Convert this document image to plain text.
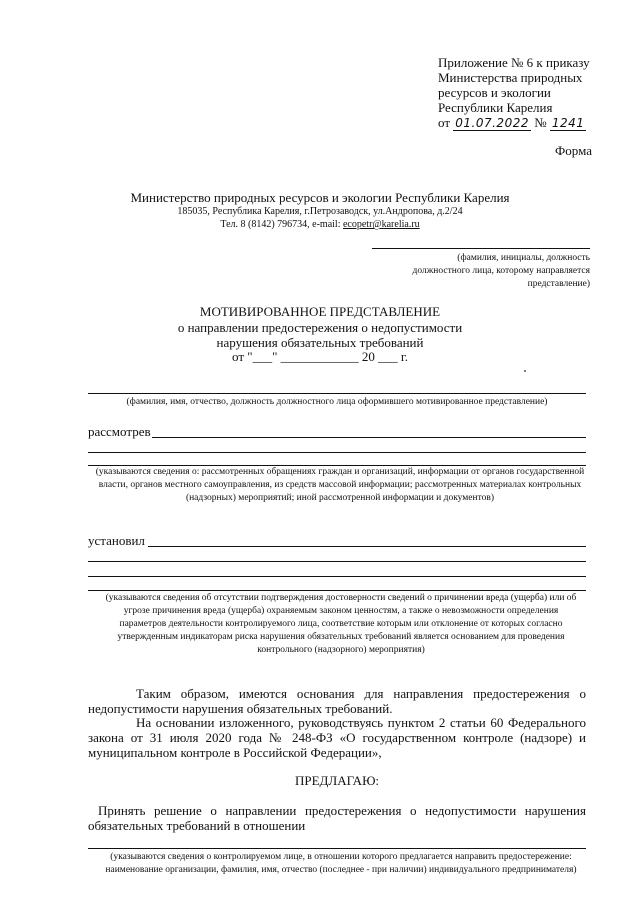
Приложение № 6 к приказу
Министерства природных
ресурсов и экологии
Республики Карелия
от 01.07.2022 № 1241
Форма
Министерство природных ресурсов и экологии Республики Карелия
185035, Республика Карелия, г.Петрозаводск, ул.Андропова, д.2/24
Тел. 8 (8142) 796734, e-mail: ecopetr@karelia.ru
(фамилия, инициалы, должность должностного лица, которому направляется представление)
МОТИВИРОВАННОЕ ПРЕДСТАВЛЕНИЕ
о направлении предостережения о недопустимости
нарушения обязательных требований
от "___" ____________ 20 ___ г.
(фамилия, имя, отчество, должность должностного лица оформившего мотивированное представление)
рассмотрев
(указываются сведения о: рассмотренных обращениях граждан и организаций, информации от органов государственной власти, органов местного самоуправления, из средств массовой информации; рассмотренных материалах контрольных (надзорных) мероприятий; иной рассмотренной информации и документов)
установил
(указываются сведения об отсутствии подтверждения достоверности сведений о причинении вреда (ущерба) или об угрозе причинения вреда (ущерба) охраняемым законом ценностям, а также о невозможности определения параметров деятельности контролируемого лица, соответствие которым или отклонение от которых согласно утвержденным индикаторам риска нарушения обязательных требований является основанием для проведения контрольного (надзорного) мероприятия)
Таким образом, имеются основания для направления предостережения о недопустимости нарушения обязательных требований.
На основании изложенного, руководствуясь пунктом 2 статьи 60 Федерального закона от 31 июля 2020 года № 248-ФЗ «О государственном контроле (надзоре) и муниципальном контроле в Российской Федерации»,
ПРЕДЛАГАЮ:
Принять решение о направлении предостережения о недопустимости нарушения обязательных требований в отношении
(указываются сведения о контролируемом лице, в отношении которого предлагается направить предостережение: наименование организации, фамилия, имя, отчество (последнее - при наличии) индивидуального предпринимателя)
